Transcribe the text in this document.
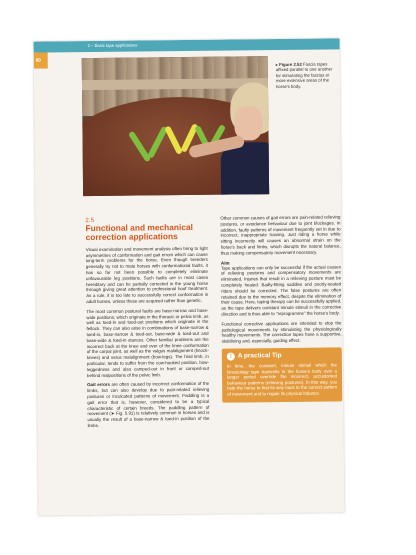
2 – Basic tape applications
80
▸ Figure 2.52 Fascia tapes affixed parallel to one another for stimulating the fascias or more extensive areas of the horse's body.
2.5
Functional and mechanical correction applications

Visual examination and movement analysis often bring to light asymmetries of conformation and gait errors which can cause long-term problems for the horse. Even though breeders generally try not to mate horses with conformational faults, it has so far not been possible to completely eliminate unfavourable leg positions. Such faults are in most cases hereditary and can be partially corrected in the young horse through giving great attention to professional hoof treatment. As a rule, it is too late to successfully correct conformation in adult horses, unless these are acquired rather than genetic.

The most common postural faults are base-narrow and base-wide positions, which originate in the thoracic or pelvic limb, as well as toed-in and toed-out positions which originate in the fetlock. They can also arise in combinations of base-narrow & toed-in, base-narrow & toed-out, base-wide & toed-out and base-wide & toed-in stances. Other familiar problems are the incorrect back at the knee and over of the knee conformation of the carpal joint, as well as the valgus malalignment (knock-knees) and varus malalignment (bow-legs). The hind limb, in particular, tends to suffer from the cow-hooked position, bow-leggedness and also camped-out in front or camped-out behind malpositions of the pelvic limb.

Gait errors are often caused by incorrect conformation of the limbs, but can also develop due to pain-related relieving postures or inculcated patterns of movement. Paddling is a gait error that is, however, considered to be a typical characteristic of certain breeds. The paddling pattern of movement (➤ Fig. 5.91) is relatively common in horses and is usually the result of a base-narrow & toed-in position of the limbs.

Other common causes of gait errors are pain-related relieving postures, or avoidance behaviour due to joint blockages. In addition, faulty patterns of movement frequently set in due to incorrect, inappropriate training. Just riding a horse while sitting incorrectly will causes an abnormal strain on the horse's back and limbs, which disrupts the natural balance, thus making compensatory movement necessary.

Aim

Tape applications can only be successful if the actual causes of relieving postures and compensatory movements are eliminated. Injuries that result in a relieving posture must be completely healed. Badly-fitting saddles and poorly-seated riders should be corrected. The false postures are often retained due to the memory effect, despite the elimination of their cause. Here, taping therapy can be successfully applied, as the tape delivers constant minute stimuli in the corrective direction and is thus able to "reprogramme" the horse's body.

Functional corrective applications are intended to stop the pathological movements by stimulating the physiologically healthy movements. The correction tapes have a supportive, stabilising and, especially, guiding effect.

! A practical Tip

In time, the constant, minute stimuli which the kinesiology tape transmits to the horse's body over a longer period override the incorrect, accustomed behaviour patterns (relieving postures). In this way, you help the horse to find its way back to the correct pattern of movement and to regain its physical balance.
